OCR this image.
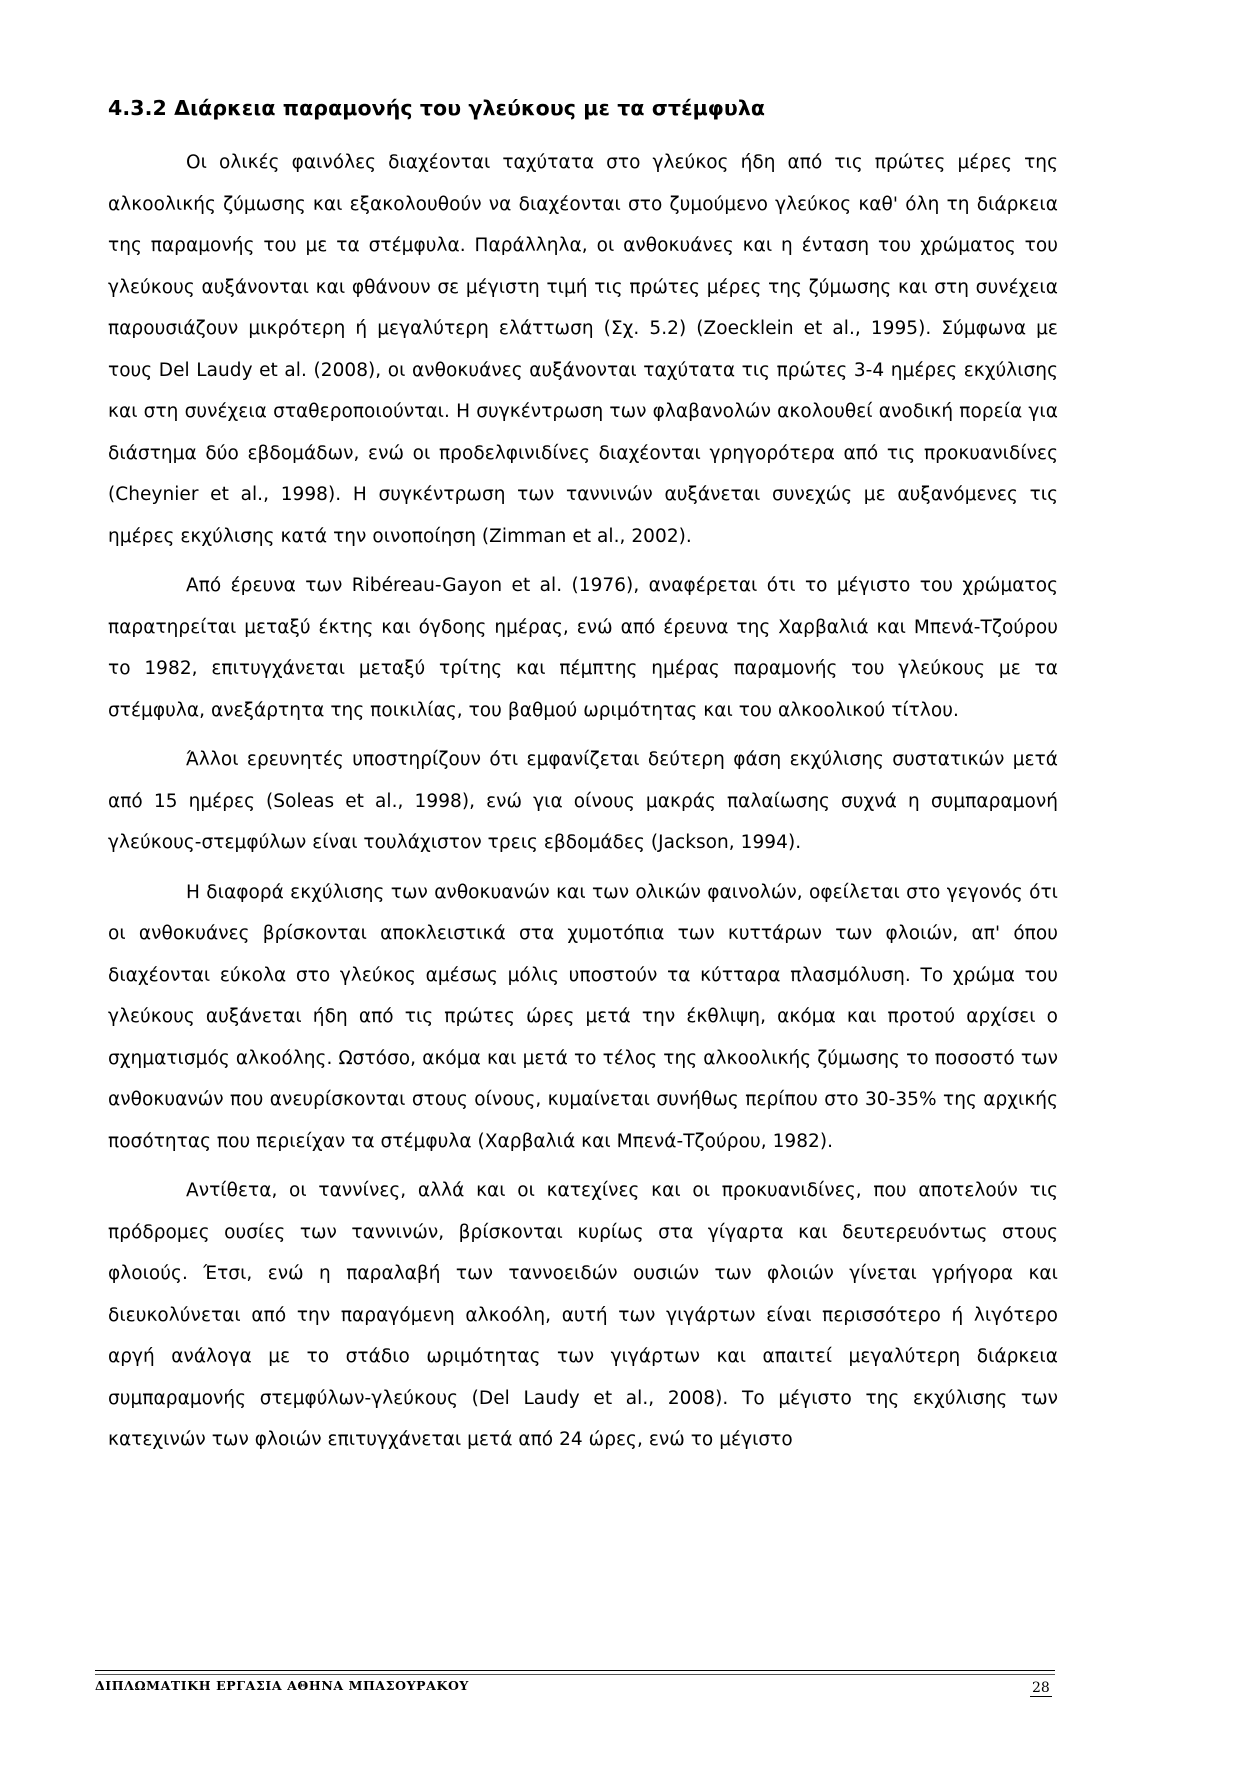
4.3.2 Διάρκεια παραμονής του γλεύκους με τα στέμφυλα

Οι ολικές φαινόλες διαχέονται ταχύτατα στο γλεύκος ήδη από τις πρώτες μέρες της αλκοολικής ζύμωσης και εξακολουθούν να διαχέονται στο ζυμούμενο γλεύκος καθ' όλη τη διάρκεια της παραμονής του με τα στέμφυλα. Παράλληλα, οι ανθοκυάνες και η ένταση του χρώματος του γλεύκους αυξάνονται και φθάνουν σε μέγιστη τιμή τις πρώτες μέρες της ζύμωσης και στη συνέχεια παρουσιάζουν μικρότερη ή μεγαλύτερη ελάττωση (Σχ. 5.2) (Zoecklein et al., 1995). Σύμφωνα με τους Del Laudy et al. (2008), οι ανθοκυάνες αυξάνονται ταχύτατα τις πρώτες 3-4 ημέρες εκχύλισης και στη συνέχεια σταθεροποιούνται. Η συγκέντρωση των φλαβανολών ακολουθεί ανοδική πορεία για διάστημα δύο εβδομάδων, ενώ οι προδελφινιδίνες διαχέονται γρηγορότερα από τις προκυανιδίνες (Cheynier et al., 1998). Η συγκέντρωση των ταννινών αυξάνεται συνεχώς με αυξανόμενες τις ημέρες εκχύλισης κατά την οινοποίηση (Zimman et al., 2002).

Από έρευνα των Ribéreau-Gayon et al. (1976), αναφέρεται ότι το μέγιστο του χρώματος παρατηρείται μεταξύ έκτης και όγδοης ημέρας, ενώ από έρευνα της Χαρβαλιά και Μπενά-Τζούρου το 1982, επιτυγχάνεται μεταξύ τρίτης και πέμπτης ημέρας παραμονής του γλεύκους με τα στέμφυλα, ανεξάρτητα της ποικιλίας, του βαθμού ωριμότητας και του αλκοολικού τίτλου.

Άλλοι ερευνητές υποστηρίζουν ότι εμφανίζεται δεύτερη φάση εκχύλισης συστατικών μετά από 15 ημέρες (Soleas et al., 1998), ενώ για οίνους μακράς παλαίωσης συχνά η συμπαραμονή γλεύκους-στεμφύλων είναι τουλάχιστον τρεις εβδομάδες (Jackson, 1994).

Η διαφορά εκχύλισης των ανθοκυανών και των ολικών φαινολών, οφείλεται στο γεγονός ότι οι ανθοκυάνες βρίσκονται αποκλειστικά στα χυμοτόπια των κυττάρων των φλοιών, απ' όπου διαχέονται εύκολα στο γλεύκος αμέσως μόλις υποστούν τα κύτταρα πλασμόλυση. Το χρώμα του γλεύκους αυξάνεται ήδη από τις πρώτες ώρες μετά την έκθλιψη, ακόμα και προτού αρχίσει ο σχηματισμός αλκοόλης. Ωστόσο, ακόμα και μετά το τέλος της αλκοολικής ζύμωσης το ποσοστό των ανθοκυανών που ανευρίσκονται στους οίνους, κυμαίνεται συνήθως περίπου στο 30-35% της αρχικής ποσότητας που περιείχαν τα στέμφυλα (Χαρβαλιά και Μπενά-Τζούρου, 1982).

Αντίθετα, οι ταννίνες, αλλά και οι κατεχίνες και οι προκυανιδίνες, που αποτελούν τις πρόδρομες ουσίες των ταννινών, βρίσκονται κυρίως στα γίγαρτα και δευτερευόντως στους φλοιούς. Έτσι, ενώ η παραλαβή των ταννοειδών ουσιών των φλοιών γίνεται γρήγορα και διευκολύνεται από την παραγόμενη αλκοόλη, αυτή των γιγάρτων είναι περισσότερο ή λιγότερο αργή ανάλογα με το στάδιο ωριμότητας των γιγάρτων και απαιτεί μεγαλύτερη διάρκεια συμπαραμονής στεμφύλων-γλεύκους (Del Laudy et al., 2008). Το μέγιστο της εκχύλισης των κατεχινών των φλοιών επιτυγχάνεται μετά από 24 ώρες, ενώ το μέγιστο

ΔΙΠΛΩΜΑΤΙΚΗ ΕΡΓΑΣΙΑ ΑΘΗΝΑ ΜΠΑΣΟΥΡΑΚΟΥ	28
